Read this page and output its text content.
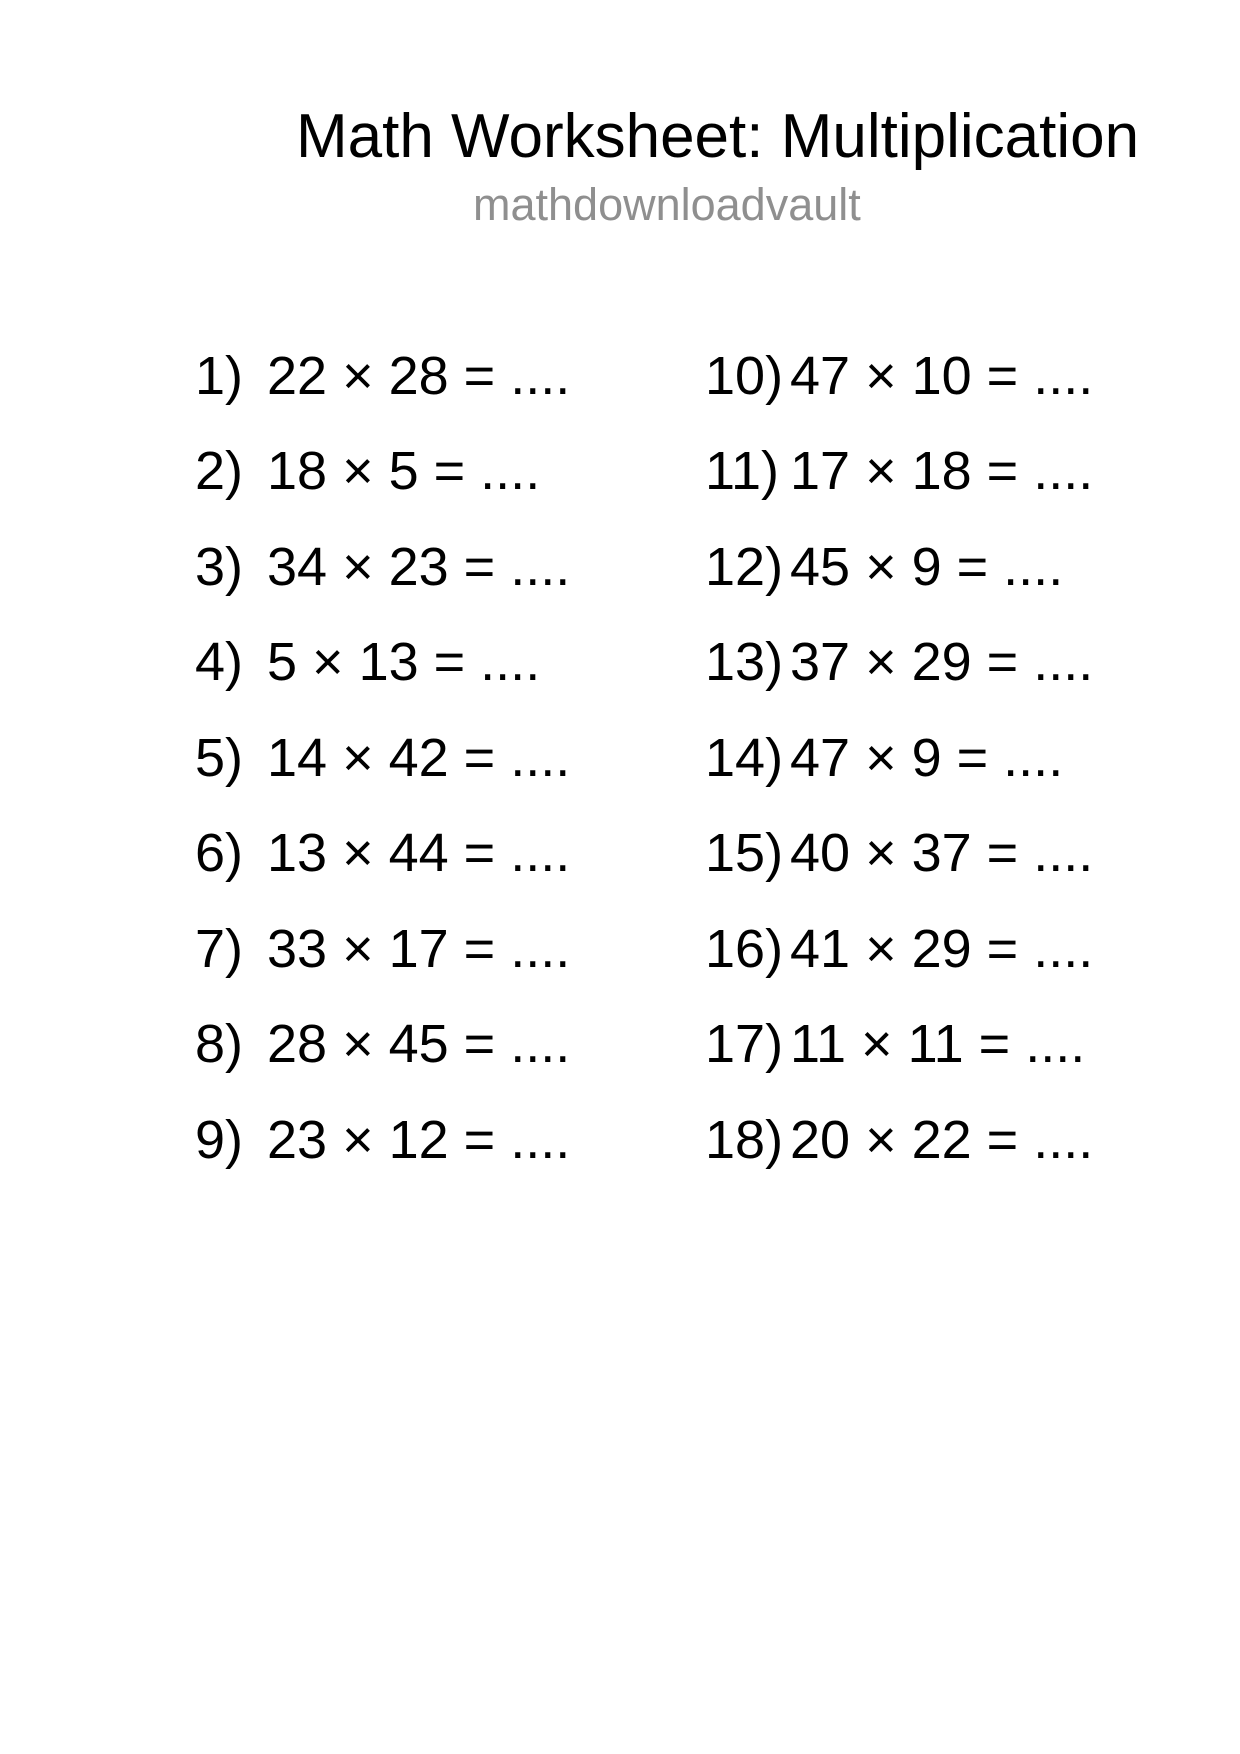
Math Worksheet: Multiplication
mathdownloadvault
1) 22 × 28 = ....
2) 18 × 5 = ....
3) 34 × 23 = ....
4) 5 × 13 = ....
5) 14 × 42 = ....
6) 13 × 44 = ....
7) 33 × 17 = ....
8) 28 × 45 = ....
9) 23 × 12 = ....
10) 47 × 10 = ....
11) 17 × 18 = ....
12) 45 × 9 = ....
13) 37 × 29 = ....
14) 47 × 9 = ....
15) 40 × 37 = ....
16) 41 × 29 = ....
17) 11 × 11 = ....
18) 20 × 22 = ....
